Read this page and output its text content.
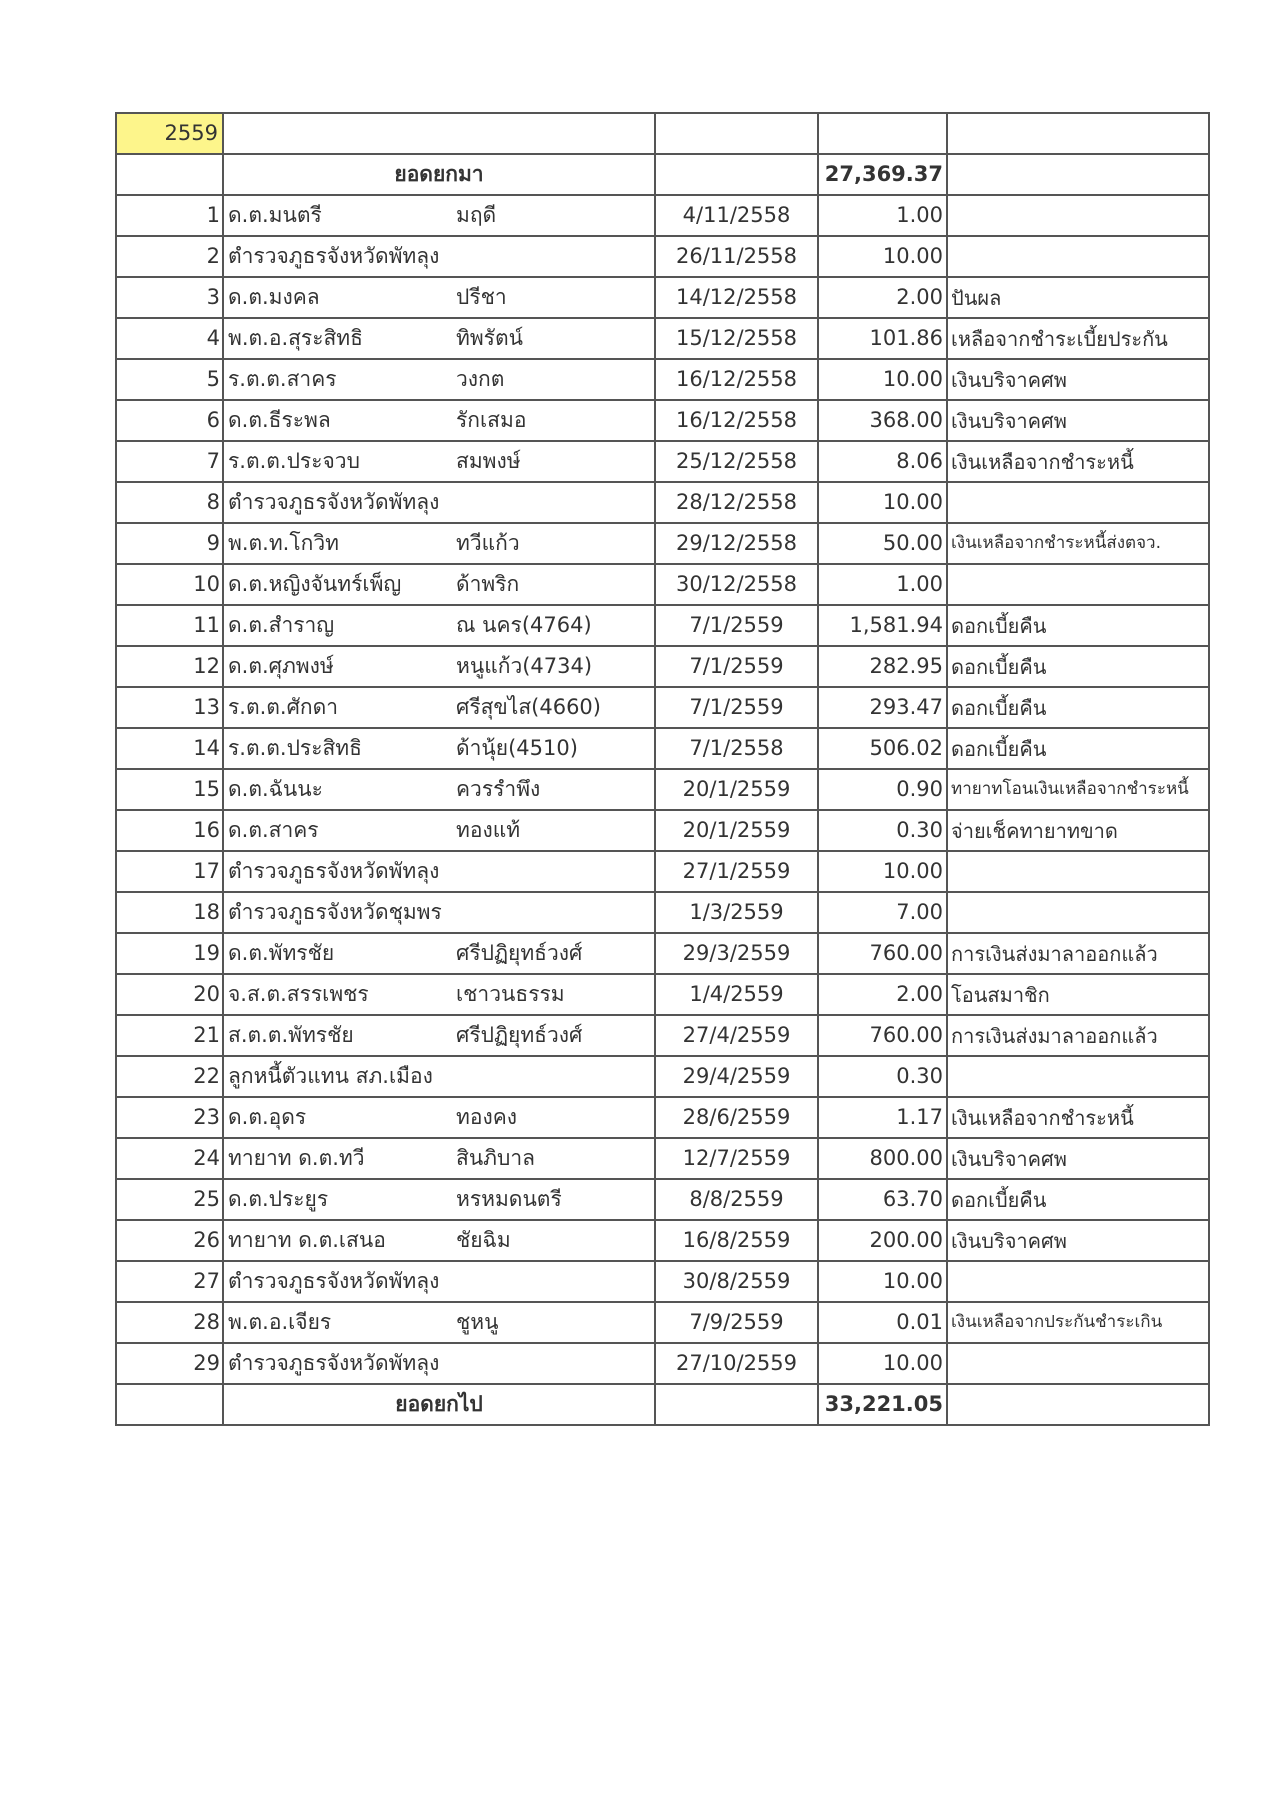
2559					
	ยอดยกมา			27,369.37	
1	ด.ต.มนตรี	มฤดี	4/11/2558	1.00	
2	ตำรวจภูธรจังหวัดพัทลุง		26/11/2558	10.00	
3	ด.ต.มงคล	ปรีชา	14/12/2558	2.00	ปันผล
4	พ.ต.อ.สุระสิทธิ	ทิพรัตน์	15/12/2558	101.86	เหลือจากชำระเบี้ยประกัน
5	ร.ต.ต.สาคร	วงกต	16/12/2558	10.00	เงินบริจาคศพ
6	ด.ต.ธีระพล	รักเสมอ	16/12/2558	368.00	เงินบริจาคศพ
7	ร.ต.ต.ประจวบ	สมพงษ์	25/12/2558	8.06	เงินเหลือจากชำระหนี้
8	ตำรวจภูธรจังหวัดพัทลุง		28/12/2558	10.00	
9	พ.ต.ท.โกวิท	ทวีแก้ว	29/12/2558	50.00	เงินเหลือจากชำระหนี้ส่งตจว.
10	ด.ต.หญิงจันทร์เพ็ญ	ด้าพริก	30/12/2558	1.00	
11	ด.ต.สำราญ	ณ นคร(4764)	7/1/2559	1,581.94	ดอกเบี้ยคืน
12	ด.ต.ศุภพงษ์	หนูแก้ว(4734)	7/1/2559	282.95	ดอกเบี้ยคืน
13	ร.ต.ต.ศักดา	ศรีสุขไส(4660)	7/1/2559	293.47	ดอกเบี้ยคืน
14	ร.ต.ต.ประสิทธิ	ด้านุ้ย(4510)	7/1/2558	506.02	ดอกเบี้ยคืน
15	ด.ต.ฉันนะ	ควรรำพึง	20/1/2559	0.90	ทายาทโอนเงินเหลือจากชำระหนี้
16	ด.ต.สาคร	ทองแท้	20/1/2559	0.30	จ่ายเช็คทายาทขาด
17	ตำรวจภูธรจังหวัดพัทลุง		27/1/2559	10.00	
18	ตำรวจภูธรจังหวัดชุมพร		1/3/2559	7.00	
19	ด.ต.พัทรชัย	ศรีปฏิยุทธ์วงศ์	29/3/2559	760.00	การเงินส่งมาลาออกแล้ว
20	จ.ส.ต.สรรเพชร	เชาวนธรรม	1/4/2559	2.00	โอนสมาชิก
21	ส.ต.ต.พัทรชัย	ศรีปฏิยุทธ์วงศ์	27/4/2559	760.00	การเงินส่งมาลาออกแล้ว
22	ลูกหนี้ตัวแทน สภ.เมือง		29/4/2559	0.30	
23	ด.ต.อุดร	ทองคง	28/6/2559	1.17	เงินเหลือจากชำระหนี้
24	ทายาท ด.ต.ทวี	สินภิบาล	12/7/2559	800.00	เงินบริจาคศพ
25	ด.ต.ประยูร	หรหมดนตรี	8/8/2559	63.70	ดอกเบี้ยคืน
26	ทายาท ด.ต.เสนอ	ชัยฉิม	16/8/2559	200.00	เงินบริจาคศพ
27	ตำรวจภูธรจังหวัดพัทลุง		30/8/2559	10.00	
28	พ.ต.อ.เจียร	ชูหนู	7/9/2559	0.01	เงินเหลือจากประกันชำระเกิน
29	ตำรวจภูธรจังหวัดพัทลุง		27/10/2559	10.00	
	ยอดยกไป			33,221.05	
